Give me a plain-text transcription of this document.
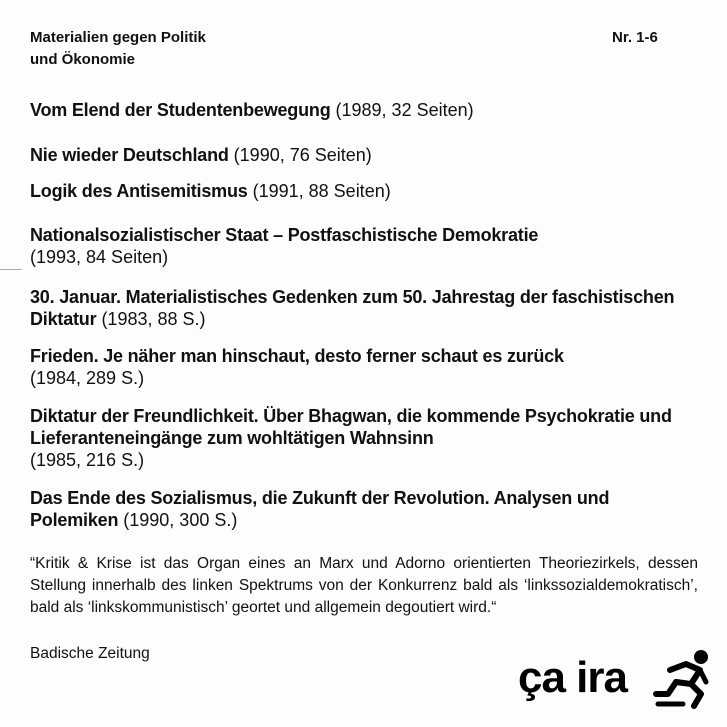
Materialien gegen Politik
und Ökonomie
Nr. 1-6
Vom Elend der Studentenbewegung (1989, 32 Seiten)
Nie wieder Deutschland (1990, 76 Seiten)
Logik des Antisemitismus (1991, 88 Seiten)
Nationalsozialistischer Staat – Postfaschistische Demokratie
(1993, 84 Seiten)
30. Januar. Materialistisches Gedenken zum 50. Jahrestag der faschistischen Diktatur (1983, 88 S.)
Frieden. Je näher man hinschaut, desto ferner schaut es zurück
(1984, 289 S.)
Diktatur der Freundlichkeit. Über Bhagwan, die kommende Psychokratie und Lieferanteneingänge zum wohltätigen Wahnsinn
(1985, 216 S.)
Das Ende des Sozialismus, die Zukunft der Revolution. Analysen und Polemiken (1990, 300 S.)
“Kritik & Krise ist das Organ eines an Marx und Adorno orientierten Theoriezirkels, dessen Stellung innerhalb des linken Spektrums von der Konkurrenz bald als ‘linkssozialdemokratisch’, bald als ‘linkskommunistisch’ geortet und allgemein degoutiert wird.“
Badische Zeitung	ça ira
